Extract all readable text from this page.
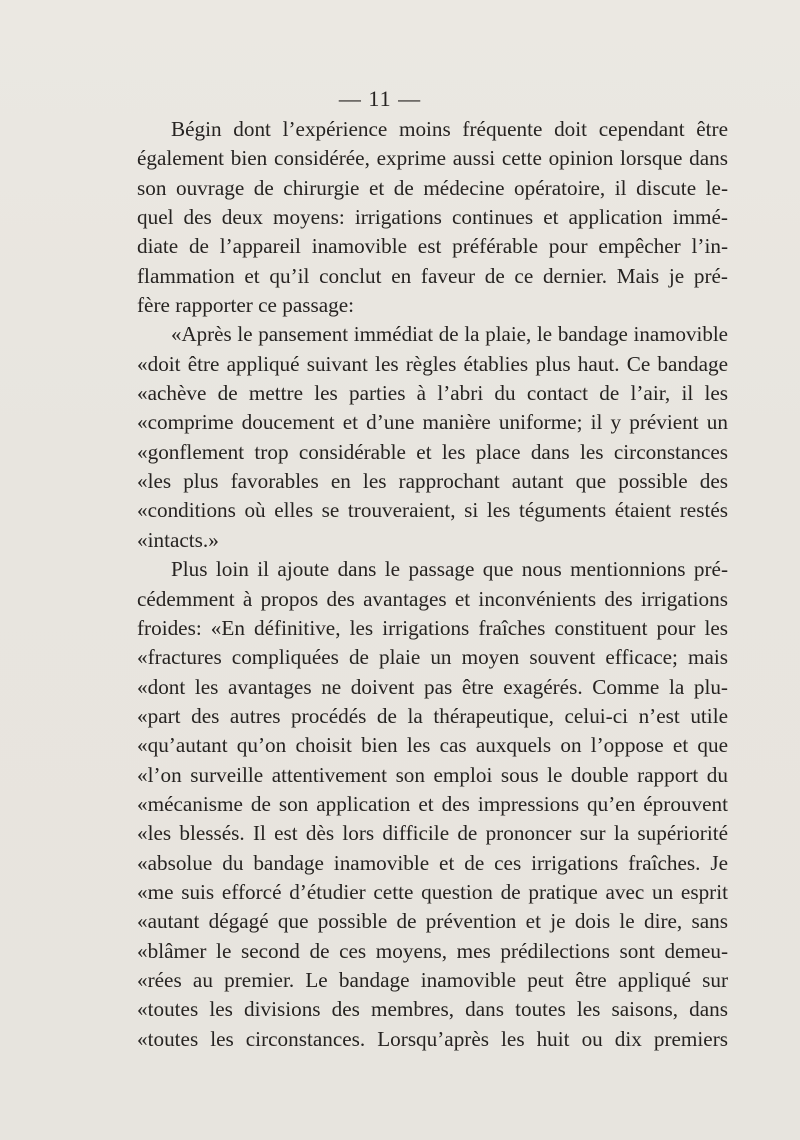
— 11 —
Bégin dont l’expérience moins fréquente doit cependant être
également bien considérée, exprime aussi cette opinion lorsque dans
son ouvrage de chirurgie et de médecine opératoire, il discute le-
quel des deux moyens: irrigations continues et application immé-
diate de l’appareil inamovible est préférable pour empêcher l’in-
flammation et qu’il conclut en faveur de ce dernier. Mais je pré-
fère rapporter ce passage:
«Après le pansement immédiat de la plaie, le bandage inamovible
«doit être appliqué suivant les règles établies plus haut. Ce bandage
«achève de mettre les parties à l’abri du contact de l’air, il les
«comprime doucement et d’une manière uniforme; il y prévient un
«gonflement trop considérable et les place dans les circonstances
«les plus favorables en les rapprochant autant que possible des
«conditions où elles se trouveraient, si les téguments étaient restés
«intacts.»
Plus loin il ajoute dans le passage que nous mentionnions pré-
cédemment à propos des avantages et inconvénients des irrigations
froides: «En définitive, les irrigations fraîches constituent pour les
«fractures compliquées de plaie un moyen souvent efficace; mais
«dont les avantages ne doivent pas être exagérés. Comme la plu-
«part des autres procédés de la thérapeutique, celui-ci n’est utile
«qu’autant qu’on choisit bien les cas auxquels on l’oppose et que
«l’on surveille attentivement son emploi sous le double rapport du
«mécanisme de son application et des impressions qu’en éprouvent
«les blessés. Il est dès lors difficile de prononcer sur la supériorité
«absolue du bandage inamovible et de ces irrigations fraîches. Je
«me suis efforcé d’étudier cette question de pratique avec un esprit
«autant dégagé que possible de prévention et je dois le dire, sans
«blâmer le second de ces moyens, mes prédilections sont demeu-
«rées au premier. Le bandage inamovible peut être appliqué sur
«toutes les divisions des membres, dans toutes les saisons, dans
«toutes les circonstances. Lorsqu’après les huit ou dix premiers
